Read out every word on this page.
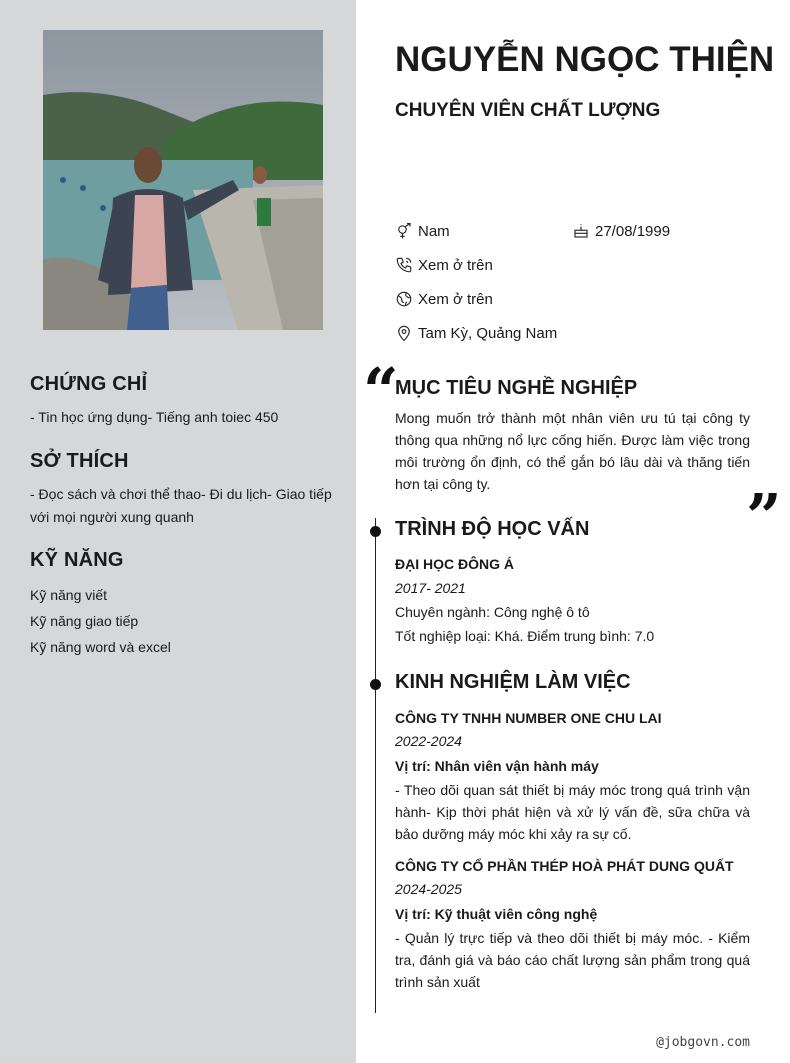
CHỨNG CHỈ

- Tin học ứng dụng- Tiếng anh toiec 450

SỞ THÍCH

- Đọc sách và chơi thể thao- Đi du lịch- Giao tiếp với mọi người xung quanh

KỸ NĂNG
Kỹ năng viết
Kỹ năng giao tiếp
Kỹ năng word và excel
NGUYỄN NGỌC THIỆN
CHUYÊN VIÊN CHẤT LƯỢNG
Nam	27/08/1999
Xem ở trên
Xem ở trên
Tam Kỳ, Quảng Nam
“
”
MỤC TIÊU NGHỀ NGHIỆP

Mong muốn trở thành một nhân viên ưu tú tại công ty thông qua những nổ lực cống hiến. Được làm việc trong môi trường ổn định, có thể gắn bó lâu dài và thăng tiến hơn tại công ty.

TRÌNH ĐỘ HỌC VẤN

ĐẠI HỌC ĐÔNG Á

2017- 2021

Chuyên ngành: Công nghệ ô tô

Tốt nghiệp loại: Khá. Điểm trung bình: 7.0

KINH NGHIỆM LÀM VIỆC

CÔNG TY TNHH NUMBER ONE CHU LAI

2022-2024

Vị trí: Nhân viên vận hành máy

- Theo dõi quan sát thiết bị máy móc trong quá trình vận hành- Kịp thời phát hiện và xử lý vấn đề, sữa chữa và bảo dưỡng máy móc khi xảy ra sự cố.

CÔNG TY CỔ PHẦN THÉP HOÀ PHÁT DUNG QUẤT

2024-2025

Vị trí: Kỹ thuật viên công nghệ

- Quản lý trực tiếp và theo dõi thiết bị máy móc. - Kiểm tra, đánh giá và báo cáo chất lượng sản phẩm trong quá trình sản xuất

@jobgovn.com
